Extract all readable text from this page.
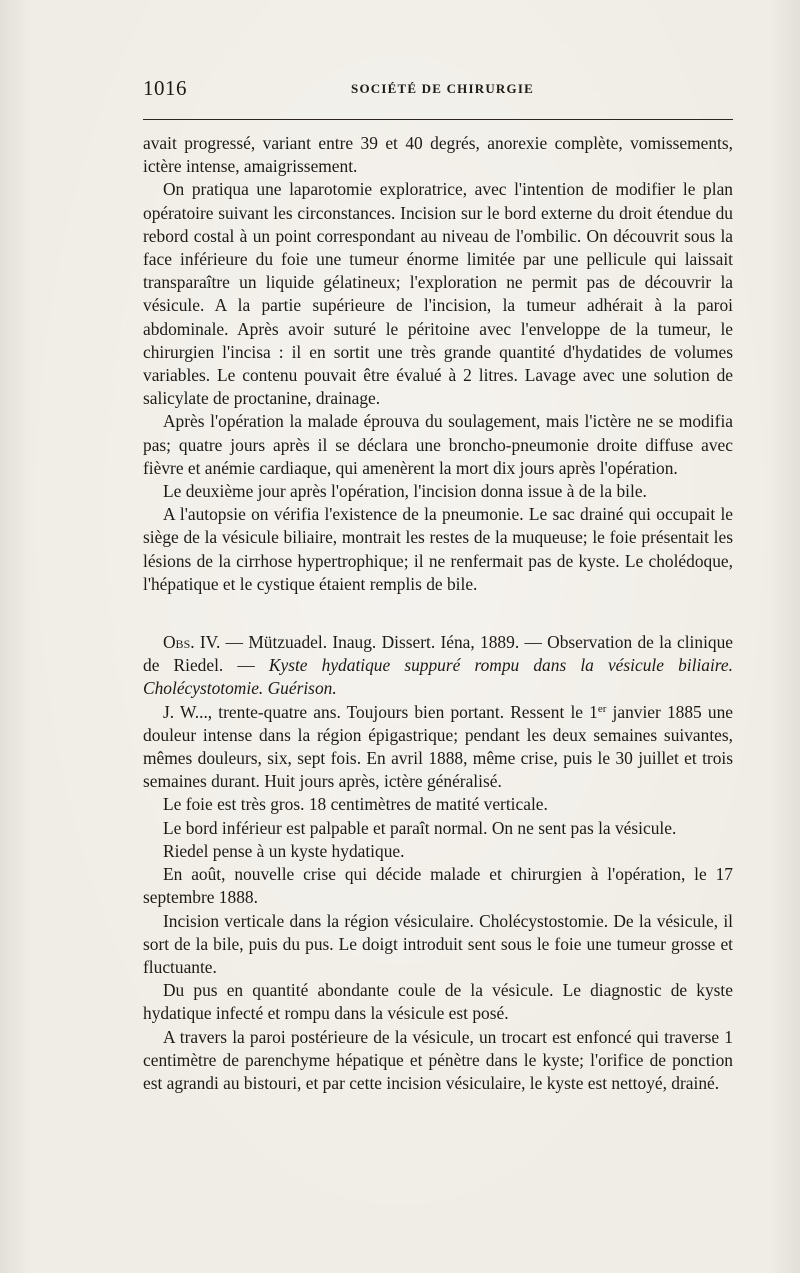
1016	SOCIÉTÉ DE CHIRURGIE

avait progressé, variant entre 39 et 40 degrés, anorexie complète, vomissements, ictère intense, amaigrissement.

On pratiqua une laparotomie exploratrice, avec l'intention de modifier le plan opératoire suivant les circonstances. Incision sur le bord externe du droit étendue du rebord costal à un point correspondant au niveau de l'ombilic. On découvrit sous la face inférieure du foie une tumeur énorme limitée par une pellicule qui laissait transparaître un liquide gélatineux; l'exploration ne permit pas de découvrir la vésicule. A la partie supérieure de l'incision, la tumeur adhérait à la paroi abdominale. Après avoir suturé le péritoine avec l'enveloppe de la tumeur, le chirurgien l'incisa : il en sortit une très grande quantité d'hydatides de volumes variables. Le contenu pouvait être évalué à 2 litres. Lavage avec une solution de salicylate de proctanine, drainage.

Après l'opération la malade éprouva du soulagement, mais l'ictère ne se modifia pas; quatre jours après il se déclara une broncho-pneumonie droite diffuse avec fièvre et anémie cardiaque, qui amenèrent la mort dix jours après l'opération.

Le deuxième jour après l'opération, l'incision donna issue à de la bile.

A l'autopsie on vérifia l'existence de la pneumonie. Le sac drainé qui occupait le siège de la vésicule biliaire, montrait les restes de la muqueuse; le foie présentait les lésions de la cirrhose hypertrophique; il ne renfermait pas de kyste. Le cholédoque, l'hépatique et le cystique étaient remplis de bile.

Obs. IV. — Mützuadel. Inaug. Dissert. Iéna, 1889. — Observation de la clinique de Riedel. — Kyste hydatique suppuré rompu dans la vésicule biliaire. Cholécystotomie. Guérison.

J. W..., trente-quatre ans. Toujours bien portant. Ressent le 1er janvier 1885 une douleur intense dans la région épigastrique; pendant les deux semaines suivantes, mêmes douleurs, six, sept fois. En avril 1888, même crise, puis le 30 juillet et trois semaines durant. Huit jours après, ictère généralisé.

Le foie est très gros. 18 centimètres de matité verticale.

Le bord inférieur est palpable et paraît normal. On ne sent pas la vésicule.

Riedel pense à un kyste hydatique.

En août, nouvelle crise qui décide malade et chirurgien à l'opération, le 17 septembre 1888.

Incision verticale dans la région vésiculaire. Cholécystostomie. De la vésicule, il sort de la bile, puis du pus. Le doigt introduit sent sous le foie une tumeur grosse et fluctuante.

Du pus en quantité abondante coule de la vésicule. Le diagnostic de kyste hydatique infecté et rompu dans la vésicule est posé.

A travers la paroi postérieure de la vésicule, un trocart est enfoncé qui traverse 1 centimètre de parenchyme hépatique et pénètre dans le kyste; l'orifice de ponction est agrandi au bistouri, et par cette incision vésiculaire, le kyste est nettoyé, drainé.
